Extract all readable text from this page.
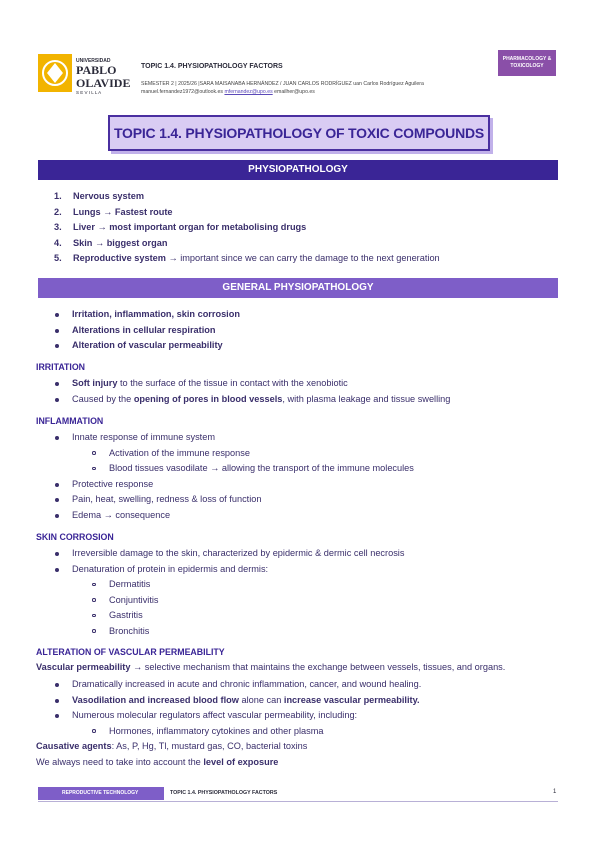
UNIVERSIDAD
PABLO
OLAVIDE
S E V I L L A
TOPIC 1.4. PHYSIOPATHOLOGY FACTORS
SEMESTER 2 | 2025/26 |SARA MAISANABA HERNÁNDEZ / JUAN CARLOS RODRÍGUEZ uan Carlos Rodríguez Aguilera
manuel.fernandez1972@outlook.es mfernandez@upo.es emailher@upo.es
PHARMACOLOGY & TOXICOLOGY
TOPIC 1.4. PHYSIOPATHOLOGY OF TOXIC COMPOUNDS
PHYSIOPATHOLOGY
1. Nervous system
2. Lungs → Fastest route
3. Liver → most important organ for metabolising drugs
4. Skin → biggest organ
5. Reproductive system → important since we can carry the damage to the next generation
GENERAL PHYSIOPATHOLOGY
Irritation, inflammation, skin corrosion
Alterations in cellular respiration
Alteration of vascular permeability
IRRITATION
Soft injury to the surface of the tissue in contact with the xenobiotic
Caused by the opening of pores in blood vessels, with plasma leakage and tissue swelling
INFLAMMATION
Innate response of immune system
Activation of the immune response
Blood tissues vasodilate → allowing the transport of the immune molecules
Protective response
Pain, heat, swelling, redness & loss of function
Edema → consequence
SKIN CORROSION
Irreversible damage to the skin, characterized by epidermic & dermic cell necrosis
Denaturation of protein in epidermis and dermis:
Dermatitis
Conjuntivitis
Gastritis
Bronchitis
ALTERATION OF VASCULAR PERMEABILITY
Vascular permeability → selective mechanism that maintains the exchange between vessels, tissues, and organs.
Dramatically increased in acute and chronic inflammation, cancer, and wound healing.
Vasodilation and increased blood flow alone can increase vascular permeability.
Numerous molecular regulators affect vascular permeability, including:
Hormones, inflammatory cytokines and other plasma
Causative agents: As, P, Hg, Tl, mustard gas, CO, bacterial toxins
We always need to take into account the level of exposure
REPRODUCTIVE TECHNOLOGY	TOPIC 1.4. PHYSIOPATHOLOGY FACTORS	1
